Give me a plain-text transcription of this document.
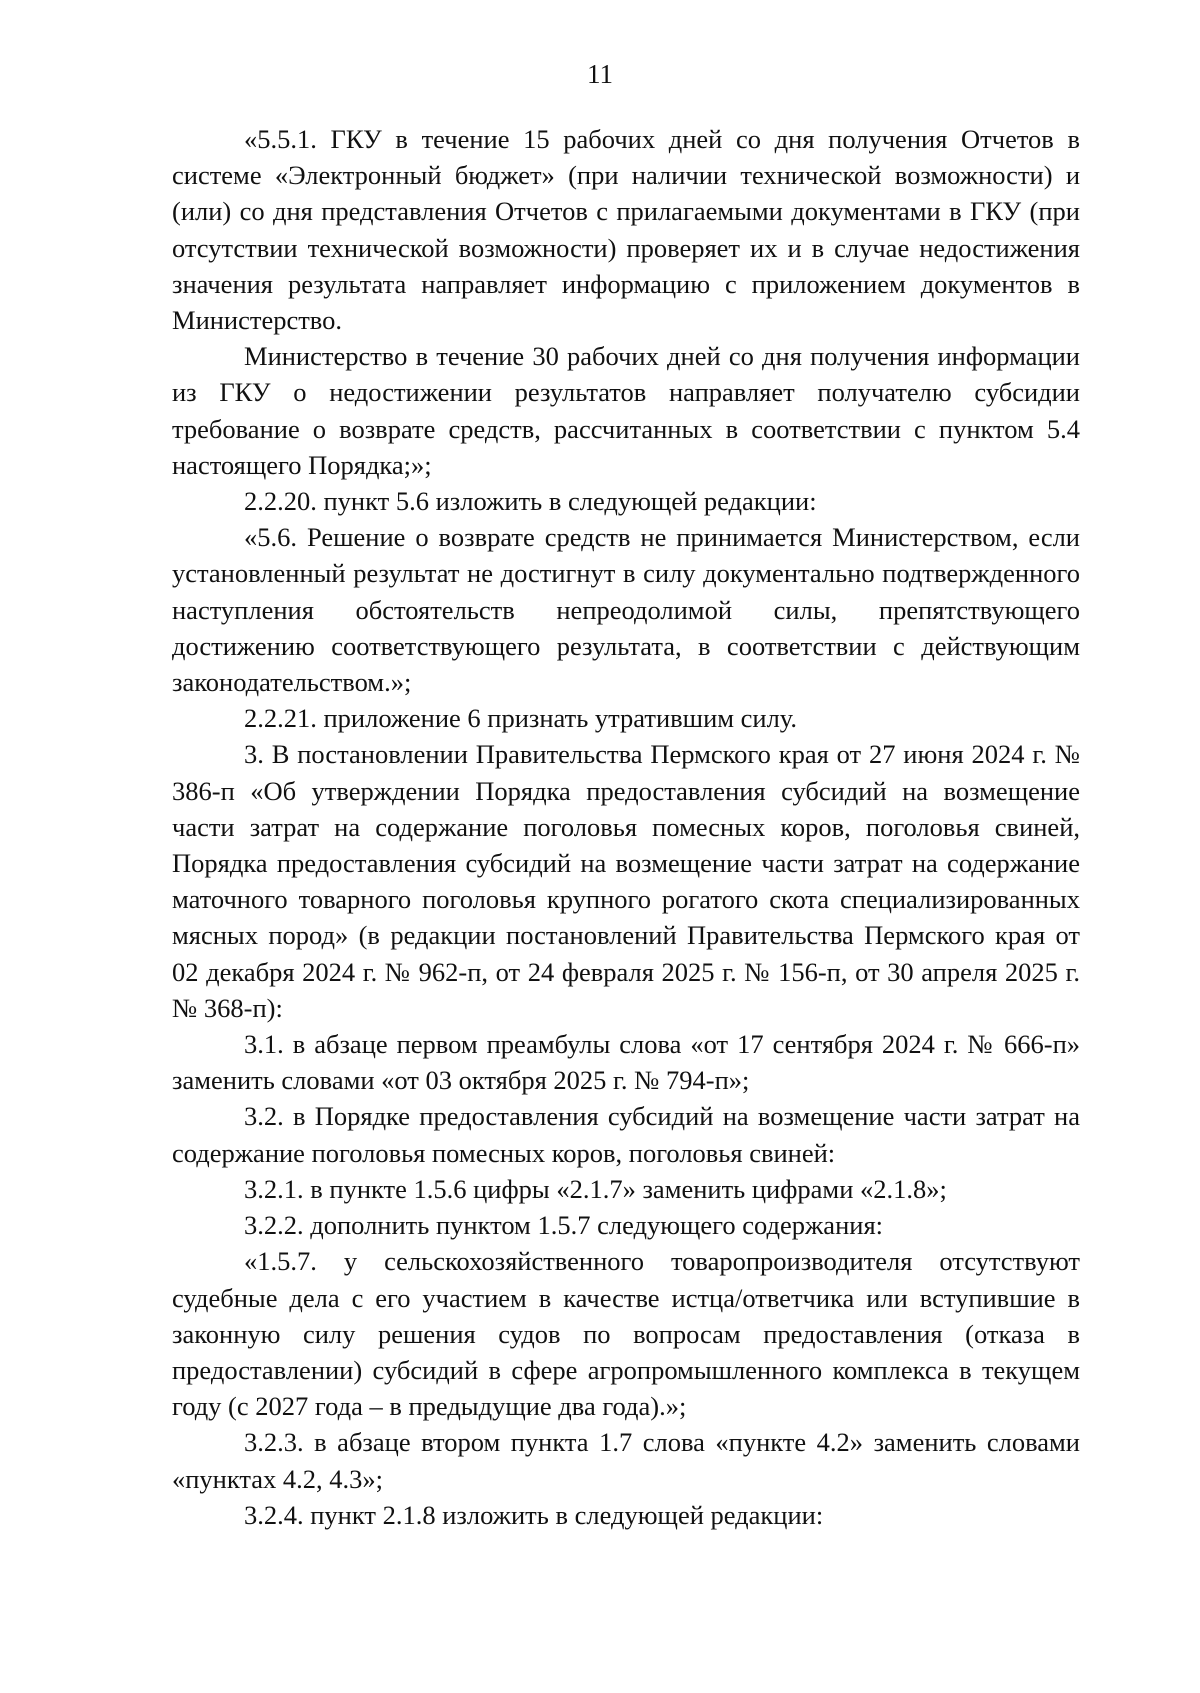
11

«5.5.1. ГКУ в течение 15 рабочих дней со дня получения Отчетов в системе «Электронный бюджет» (при наличии технической возможности) и (или) со дня представления Отчетов с прилагаемыми документами в ГКУ (при отсутствии технической возможности) проверяет их и в случае недостижения значения результата направляет информацию с приложением документов в Министерство.

Министерство в течение 30 рабочих дней со дня получения информации из ГКУ о недостижении результатов направляет получателю субсидии требование о возврате средств, рассчитанных в соответствии с пунктом 5.4 настоящего Порядка;»;

2.2.20. пункт 5.6 изложить в следующей редакции:

«5.6. Решение о возврате средств не принимается Министерством, если установленный результат не достигнут в силу документально подтвержденного наступления обстоятельств непреодолимой силы, препятствующего достижению соответствующего результата, в соответствии с действующим законодательством.»;

2.2.21. приложение 6 признать утратившим силу.

3. В постановлении Правительства Пермского края от 27 июня 2024 г. № 386-п «Об утверждении Порядка предоставления субсидий на возмещение части затрат на содержание поголовья помесных коров, поголовья свиней, Порядка предоставления субсидий на возмещение части затрат на содержание маточного товарного поголовья крупного рогатого скота специализированных мясных пород» (в редакции постановлений Правительства Пермского края от 02 декабря 2024 г. № 962-п, от 24 февраля 2025 г. № 156-п, от 30 апреля 2025 г. № 368-п):

3.1. в абзаце первом преамбулы слова «от 17 сентября 2024 г. № 666-п» заменить словами «от 03 октября 2025 г. № 794-п»;

3.2. в Порядке предоставления субсидий на возмещение части затрат на содержание поголовья помесных коров, поголовья свиней:

3.2.1. в пункте 1.5.6 цифры «2.1.7» заменить цифрами «2.1.8»;

3.2.2. дополнить пунктом 1.5.7 следующего содержания:

«1.5.7. у сельскохозяйственного товаропроизводителя отсутствуют судебные дела с его участием в качестве истца/ответчика или вступившие в законную силу решения судов по вопросам предоставления (отказа в предоставлении) субсидий в сфере агропромышленного комплекса в текущем году (с 2027 года – в предыдущие два года).»;

3.2.3. в абзаце втором пункта 1.7 слова «пункте 4.2» заменить словами «пунктах 4.2, 4.3»;

3.2.4. пункт 2.1.8 изложить в следующей редакции:
